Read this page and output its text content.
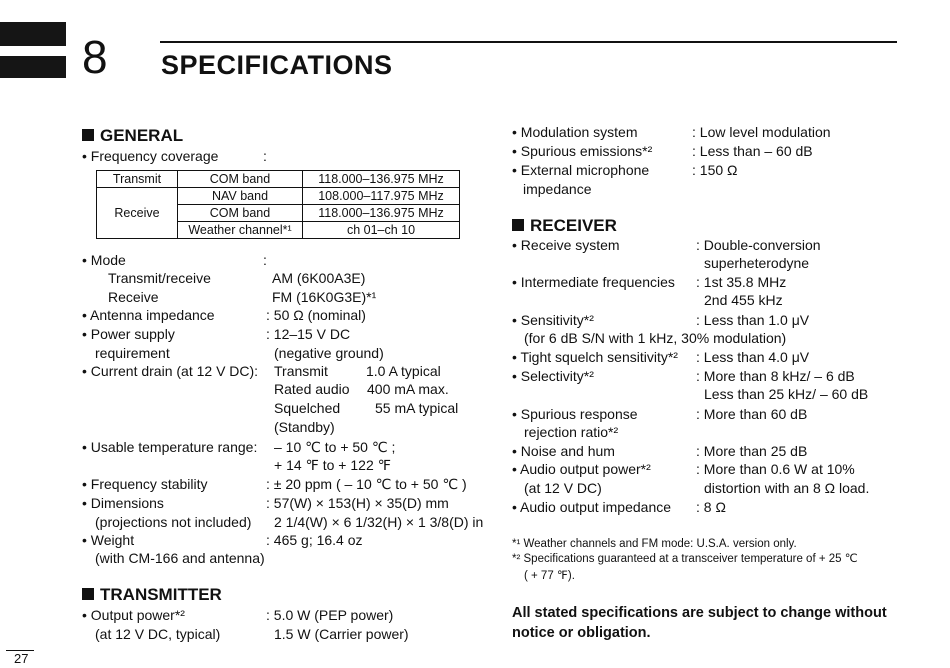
8 SPECIFICATIONS
GENERAL
• Frequency coverage	:
Transmit	COM band	118.000–136.975 MHz
Receive	NAV band	108.000–117.975 MHz
	COM band	118.000–136.975 MHz
	Weather channel*¹	ch 01–ch 10
• Mode	:
Transmit/receive	AM (6K00A3E)
Receive	FM (16K0G3E)*¹
• Antenna impedance	: 50 Ω (nominal)
• Power supply	: 12–15 V DC
requirement	(negative ground)
• Current drain (at 12 V DC): Transmit	1.0 A typical
Rated audio 400 mA max.
Squelched 55 mA typical
(Standby)
• Usable temperature range: – 10 ℃ to + 50 ℃ ;
+ 14 ℉ to + 122 ℉
• Frequency stability	: ± 20 ppm ( – 10 ℃ to + 50 ℃ )
• Dimensions	: 57(W) × 153(H) × 35(D) mm
(projections not included) 2 1/4(W) × 6 1/32(H) × 1 3/8(D) in
• Weight	: 465 g; 16.4 oz
(with CM-166 and antenna)
TRANSMITTER
• Output power*²	: 5.0 W (PEP power)
(at 12 V DC, typical)	1.5 W (Carrier power)
• Modulation system	: Low level modulation
• Spurious emissions*²	: Less than – 60 dB
• External microphone	: 150 Ω
impedance
RECEIVER
• Receive system	: Double-conversion
superheterodyne
• Intermediate frequencies : 1st 35.8 MHz
2nd 455 kHz
• Sensitivity*²	: Less than 1.0 μV
(for 6 dB S/N with 1 kHz, 30% modulation)
• Tight squelch sensitivity*² : Less than 4.0 μV
• Selectivity*²	: More than 8 kHz/ – 6 dB
Less than 25 kHz/ – 60 dB
• Spurious response	: More than 60 dB
rejection ratio*²
• Noise and hum	: More than 25 dB
• Audio output power*²	: More than 0.6 W at 10%
(at 12 V DC)	distortion with an 8 Ω load.
• Audio output impedance : 8 Ω
*¹ Weather channels and FM mode: U.S.A. version only.
*² Specifications guaranteed at a transceiver temperature of + 25 ℃
( + 77 ℉).
All stated specifications are subject to change without
notice or obligation.
27
